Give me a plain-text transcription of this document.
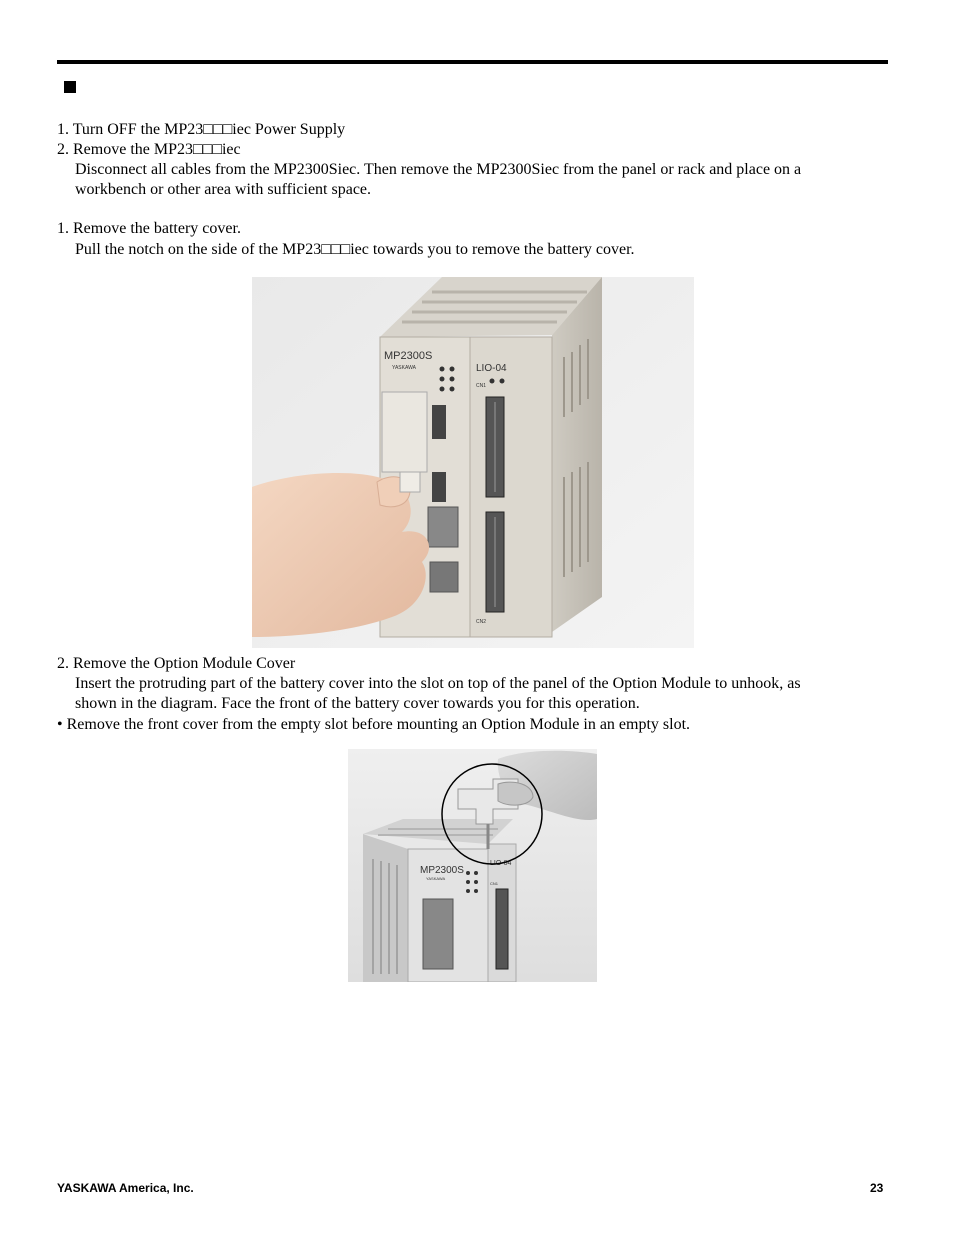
1. Turn OFF the MP23□□□iec Power Supply
2. Remove the MP23□□□iec
Disconnect all cables from the MP2300Siec. Then remove the MP2300Siec from the panel or rack and place on a
workbench or other area with sufficient space.
1. Remove the battery cover.
Pull the notch on the side of the MP23□□□iec towards you to remove the battery cover.
MP2300S
YASKAWA	LIO-04
CN1
CN2
2. Remove the Option Module Cover
Insert the protruding part of the battery cover into the slot on top of the panel of the Option Module to unhook, as
shown in the diagram. Face the front of the battery cover towards you for this operation.
• Remove the front cover from the empty slot before mounting an Option Module in an empty slot.
MP2300S
YASKAWA
LIO-04
CN1
YASKAWA America, Inc.	23
